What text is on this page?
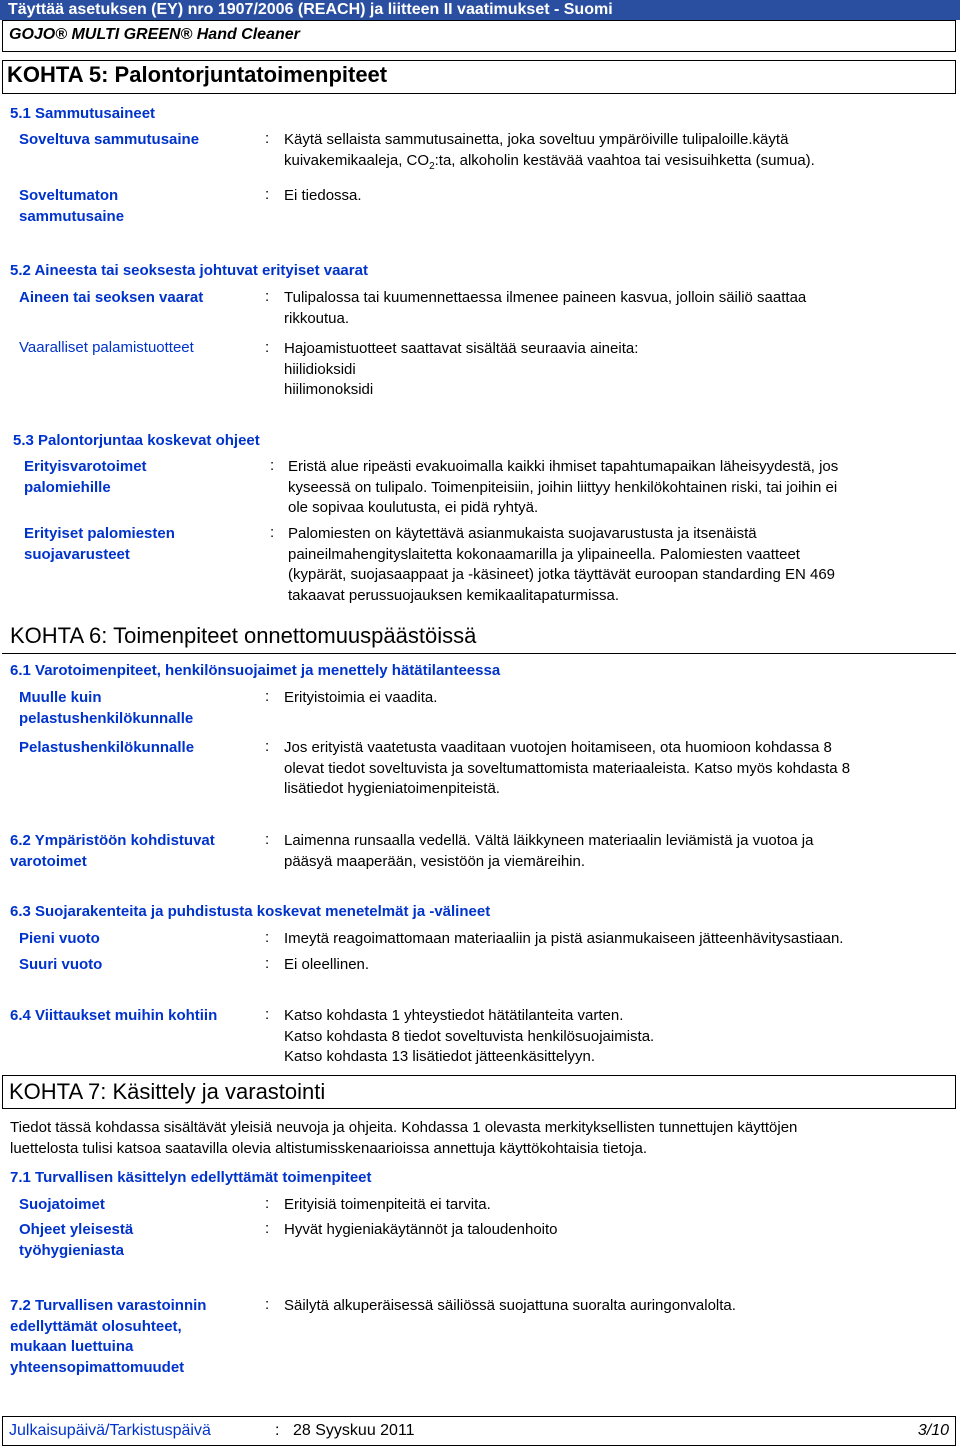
Täyttää asetuksen (EY) nro 1907/2006 (REACH) ja liitteen II vaatimukset - Suomi
GOJO® MULTI GREEN® Hand Cleaner
KOHTA 5: Palontorjuntatoimenpiteet
5.1 Sammutusaineet
Soveltuva sammutusaine	: Käytä sellaista sammutusainetta, joka soveltuu ympäröiville tulipaloille.käytä
kuivakemikaaleja, $CO_2:ta$, alkoholin kestävää vaahtoa tai vesisuihketta (sumua).
Soveltumaton
sammutusaine
: Ei tiedossa.
5.2 Aineesta tai seoksesta johtuvat erityiset vaarat
Aineen tai seoksen vaarat	: Tulipalossa tai kuumennettaessa ilmenee paineen kasvua, jolloin säiliö saattaa
rikkoutua.
Vaaralliset palamistuotteet	: Hajoamistuotteet saattavat sisältää seuraavia aineita:
hiilidioksidi
hiilimonoksidi
5.3 Palontorjuntaa koskevat ohjeet
Erityisvarotoimet
palomiehille
: Eristä alue ripeästi evakuoimalla kaikki ihmiset tapahtumapaikan läheisyydestä, jos
kyseessä on tulipalo. Toimenpiteisiin, joihin liittyy henkilökohtainen riski, tai joihin ei
ole sopivaa koulutusta, ei pidä ryhtyä.
Erityiset palomiesten
suojavarusteet
: Palomiesten on käytettävä asianmukaista suojavarustusta ja itsenäistä
paineilmahengityslaitetta kokonaamarilla ja ylipaineella. Palomiesten vaatteet
(kypärät, suojasaappaat ja -käsineet) jotka täyttävät euroopan standarding EN 469
takaavat perussuojauksen kemikaalitapaturmissa.
KOHTA 6: Toimenpiteet onnettomuuspäästöissä
6.1 Varotoimenpiteet, henkilönsuojaimet ja menettely hätätilanteessa
Muulle kuin
pelastushenkilökunnalle
: Erityistoimia ei vaadita.
Pelastushenkilökunnalle	: Jos erityistä vaatetusta vaaditaan vuotojen hoitamiseen, ota huomioon kohdassa 8
olevat tiedot soveltuvista ja soveltumattomista materiaaleista. Katso myös kohdasta 8
lisätiedot hygieniatoimenpiteistä.
6.2 Ympäristöön kohdistuvat
varotoimet
: Laimenna runsaalla vedellä. Vältä läikkyneen materiaalin leviämistä ja vuotoa ja
pääsyä maaperään, vesistöön ja viemäreihin.
6.3 Suojarakenteita ja puhdistusta koskevat menetelmät ja -välineet
Pieni vuoto	: Imeytä reagoimattomaan materiaaliin ja pistä asianmukaiseen jätteenhävitysastiaan.
Suuri vuoto	: Ei oleellinen.
6.4 Viittaukset muihin kohtiin	: Katso kohdasta 1 yhteystiedot hätätilanteita varten.
Katso kohdasta 8 tiedot soveltuvista henkilösuojaimista.
Katso kohdasta 13 lisätiedot jätteenkäsittelyyn.
KOHTA 7: Käsittely ja varastointi
Tiedot tässä kohdassa sisältävät yleisiä neuvoja ja ohjeita. Kohdassa 1 olevasta merkityksellisten tunnettujen käyttöjen
luettelosta tulisi katsoa saatavilla olevia altistumisskenaarioissa annettuja käyttökohtaisia tietoja.
7.1 Turvallisen käsittelyn edellyttämät toimenpiteet
Suojatoimet	: Erityisiä toimenpiteitä ei tarvita.
Ohjeet yleisestä
työhygieniasta
: Hyvät hygieniakäytännöt ja taloudenhoito
7.2 Turvallisen varastoinnin
edellyttämät olosuhteet,
mukaan luettuina
yhteensopimattomuudet
: Säilytä alkuperäisessä säiliössä suojattuna suoralta auringonvalolta.
Julkaisupäivä/Tarkistuspäivä	: 28 Syyskuu 2011	3/10
